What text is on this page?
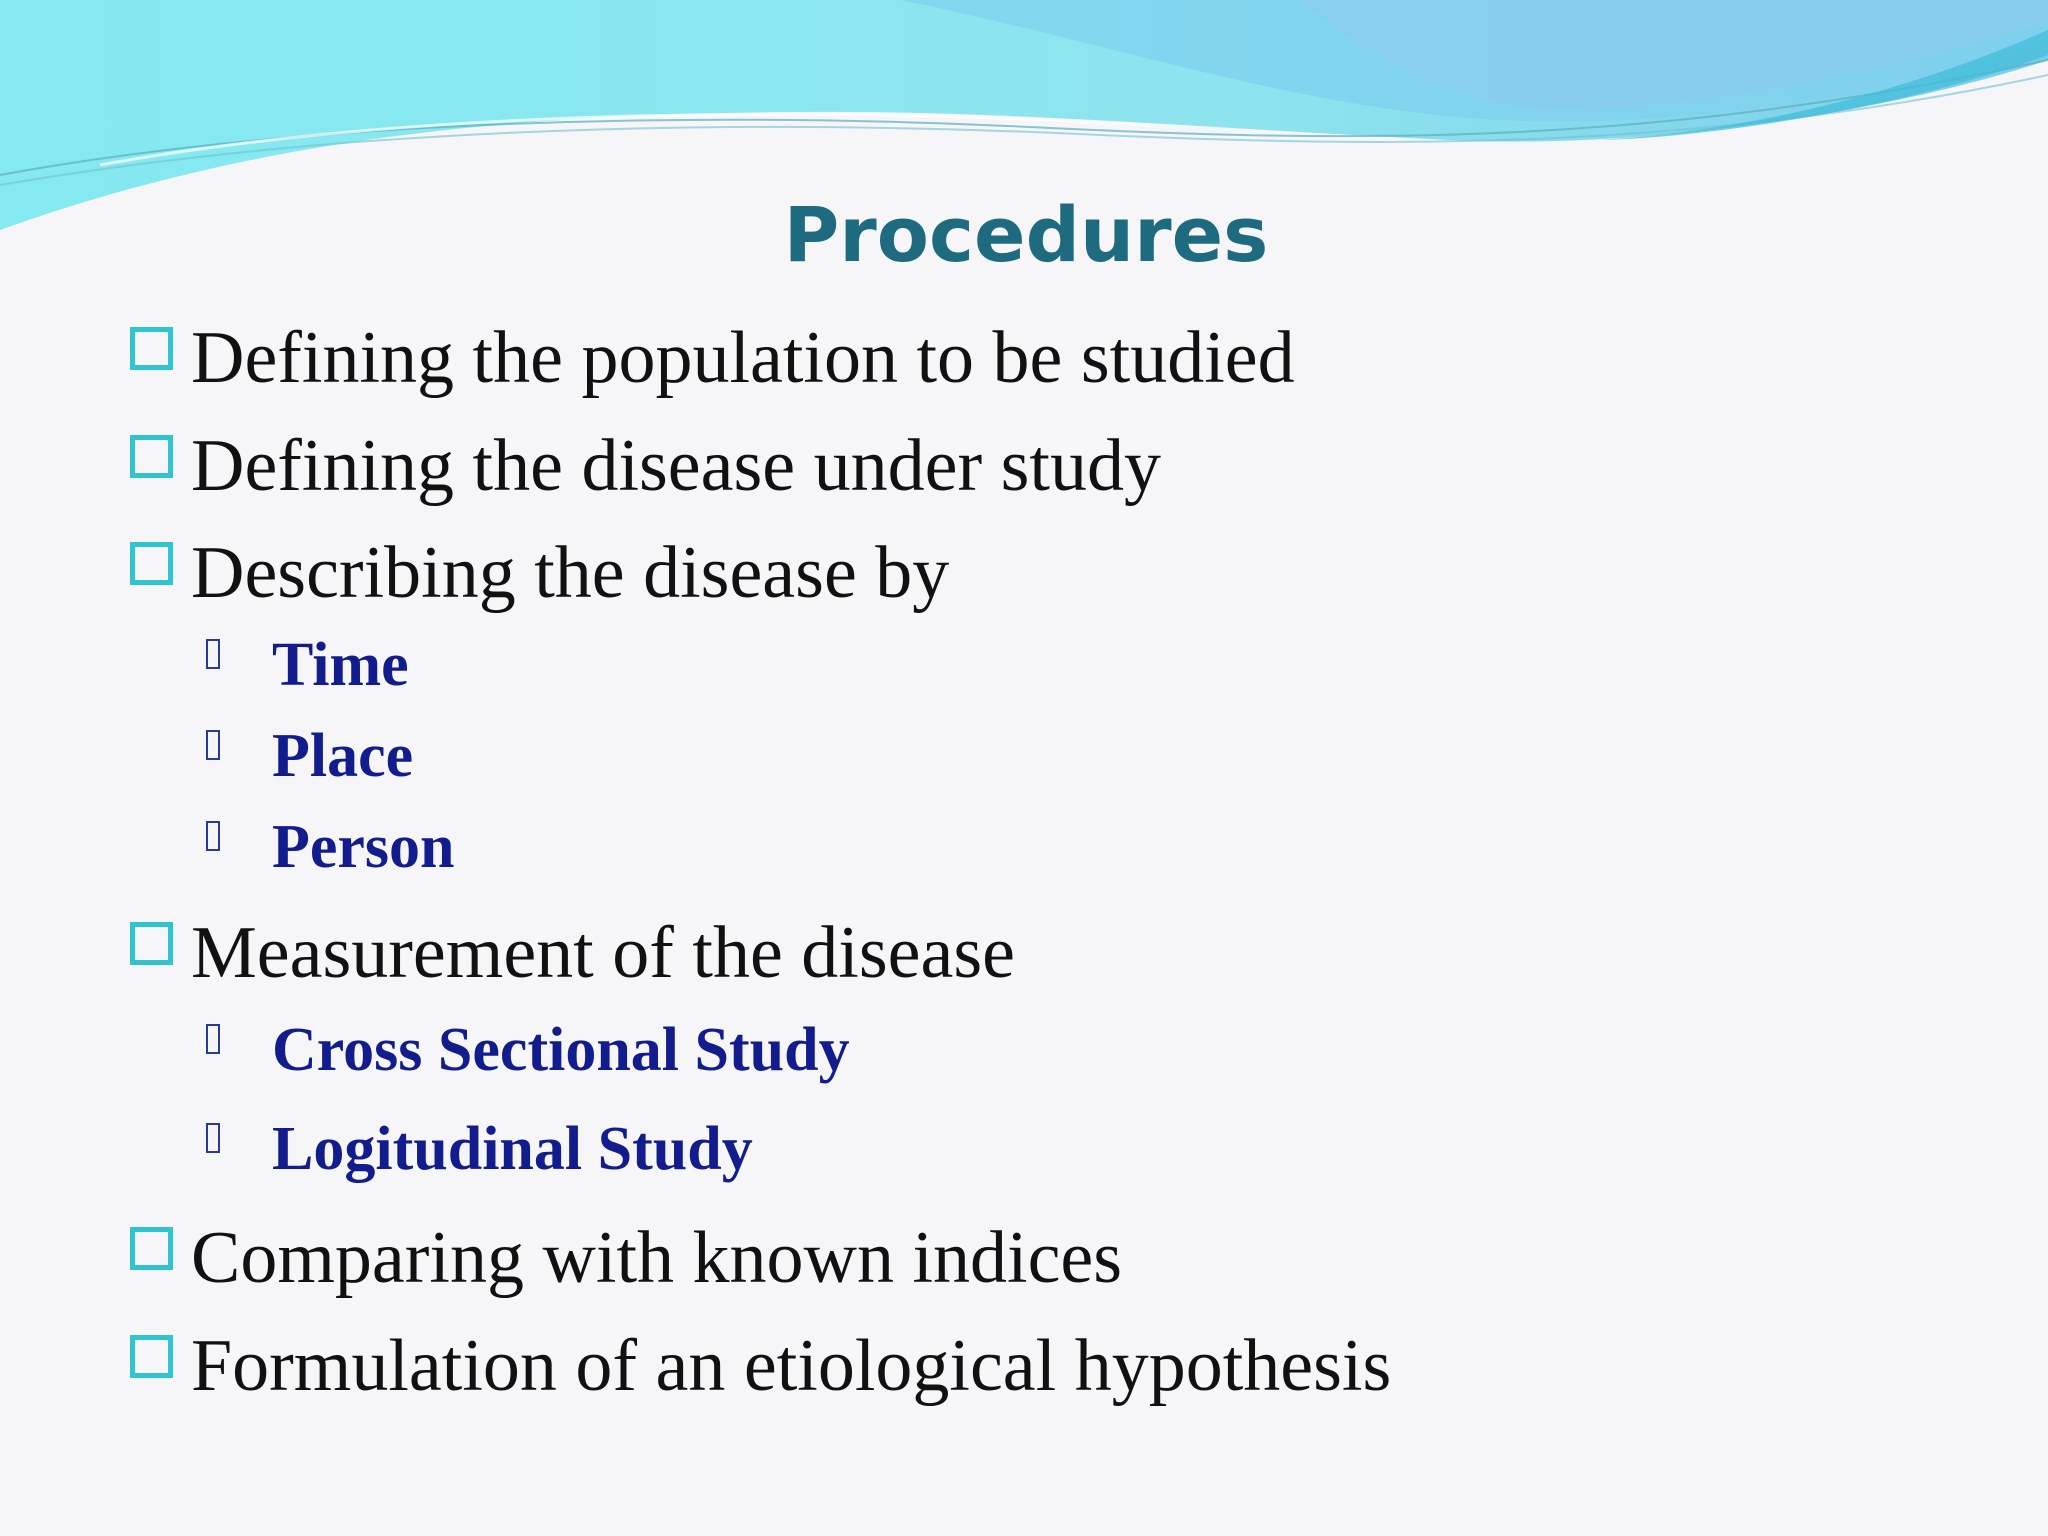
Procedures
Defining the population to be studied
Defining the disease under study
Describing the disease by
Time
Place
Person
Measurement of the disease
Cross Sectional Study
Logitudinal Study
Comparing with known indices
Formulation of an etiological hypothesis
